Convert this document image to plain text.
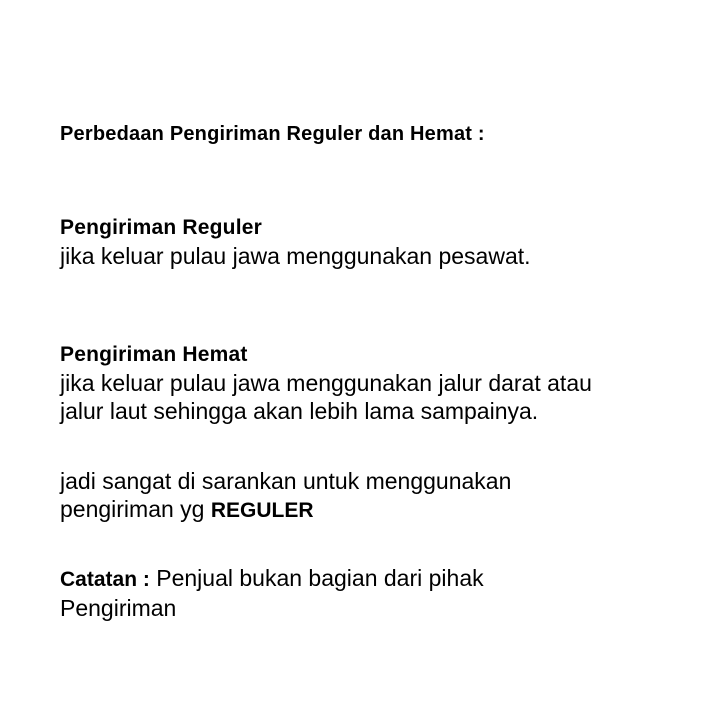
Perbedaan Pengiriman Reguler dan Hemat :
Pengiriman Reguler
jika keluar pulau jawa menggunakan pesawat.
Pengiriman Hemat
jika keluar pulau jawa menggunakan jalur darat atau
jalur laut sehingga akan lebih lama sampainya.
jadi sangat di sarankan untuk menggunakan
pengiriman yg REGULER
Catatan : Penjual bukan bagian dari pihak
Pengiriman
